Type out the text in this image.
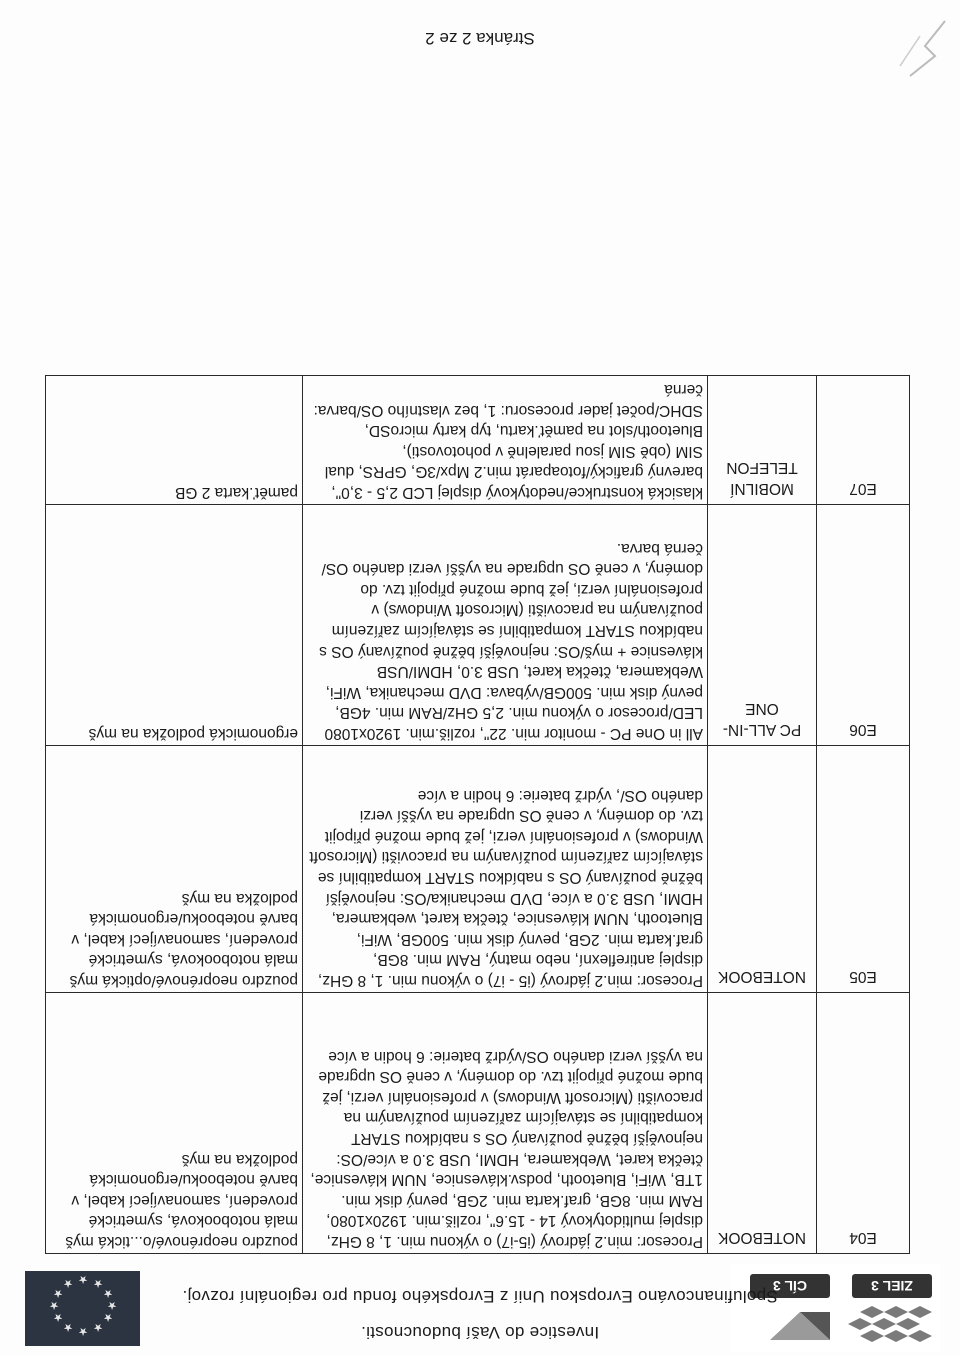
★
★
★
★
★
★ ★ ★
★
★
★
★
ZIEL 3
CÍL 3
Investice do Vaší budoucnosti.
Spolufinancováno Evropskou Unií z Evropského fondu pro regionální rozvoj.
E04	NOTEBOOK	Procesor: min.2 jádrový (i5-i7) o výkonu min. 1, 8 GHz, displej multidotykový 14 - 15.6", rozliš.min. 1920x1080, RAM min. 8GB, graf.karta min. 2GB, pevný disk min. 1TB, WiFi, Bluetooth, podsv.klávesnice, NUM klávesnice, čtečka karet, Webkamera, HDMI, USB 3.0 a více/OS: nejnovější běžně používaný OS s nabídkou START kompatibilní se stávajícím zařízením používaným na pracovišti (Microsoft Windows) v profesionální verzi, jež bude možné připojit tzv. do domény, v ceně OS upgrade na vyšší verzi daného OS/výdrž baterie: 6 hodin a více	pouzdro neoprénové/o...tická myš malá notobooková, symetrické provedení, samonavíjecí kabel, v barvě notebooku/ergonomická podložka na myš
E05	NOTEBOOK	Procesor: min.2 jádrový (i5 - i7) o výkonu min. 1, 8 GHz, displej antireflexní, nebo matný, RAM min. 8GB, graf.karta min. 2GB, pevný disk min. 500GB, WiFi, Bluetooth, NUM klávesnice, čtečka karet, webkamera, HDMI, USB 3.0 a více, DVD mechanika/OS: nejnovější běžně používaný OS s nabídkou START kompatibilní se stávajícím zařízením používaným na pracovišti (Microsoft Windows) v profesionální verzi, jež bude možné připojit tzv. do domény, v ceně OS upgrade na vyšší verzi daného OS/, výdrž baterie: 6 hodin a více	pouzdro neoprénové/optická myš malá notobooková, symetrické provedení, samonavíjecí kabel, v barvě notebooku/ergonomická podložka na myš
E06	PC ALL-IN-ONE	All in One PC - monitor min. 22", rozliš.min. 1920x1080 LED/procesor o výkonu min. 2,5 GHz/RAM min. 4GB, pevný disk min. 500GB/výbava: DVD mechanika, WiFi, Webkamera, čtečka karet, USB 3.0, HDMI/USB klávesnice + myš/OS: nejnovější běžně používaný OS s nabídkou START kompatibilní se stávajícím zařízením používaným na pracovišti (Microsoft Windows) v profesionální verzi, jež bude možné připojit tzv. do domény, v ceně OS upgrade na vyšší verzi daného OS/černá barva.	ergonomická podložka na myš
E07	MOBILNÍ TELEFON	klasická konstrukce/nedotykový displej LCD 2,5 - 3,0", barevný grafický/fotoaparát min.2 Mpx/3G, GPRS, dual SIM (obě SIM jsou paralelně v pohotovosti), Bluetooth/slot na paměť.kartu, typ karty microSD, SDHC/počet jader procesoru: 1, bez vlastního OS/barva: černá	paměť.karta 2 GB
Stránka 2 ze 2
